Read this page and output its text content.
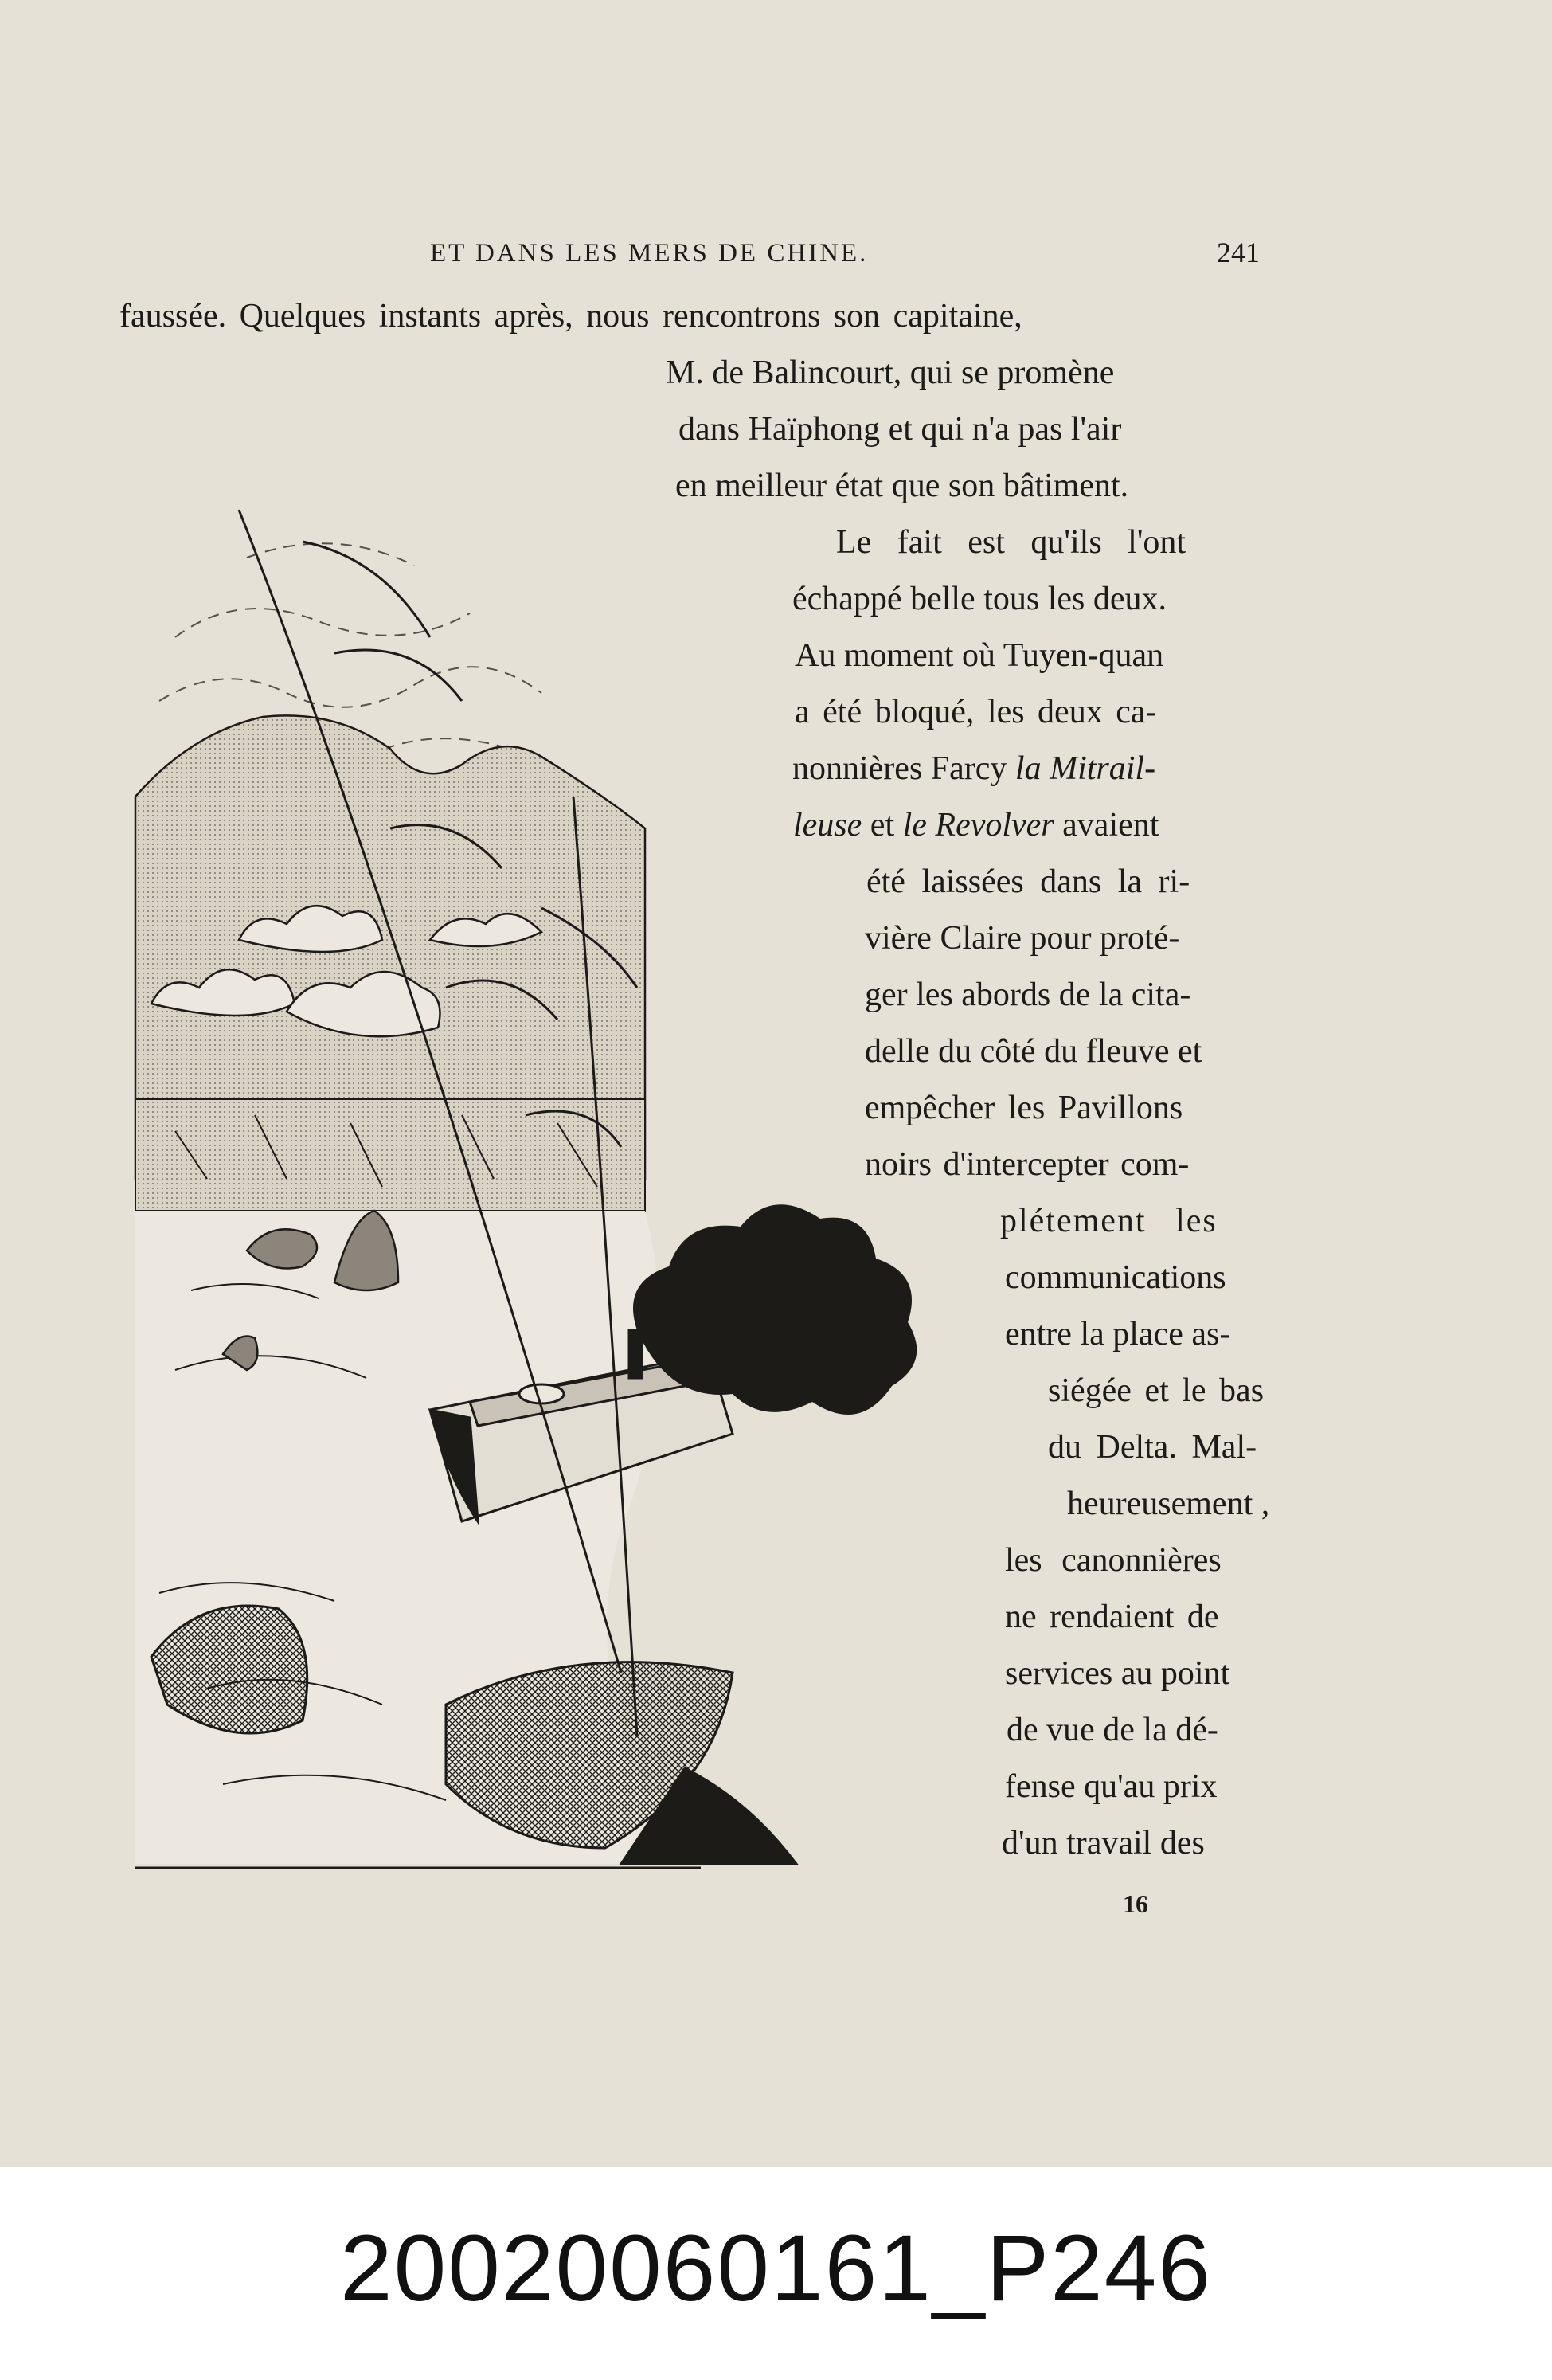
ET DANS LES MERS DE CHINE.	241
faussée. Quelques instants après, nous rencontrons son capitaine,
M. de Balincourt, qui se promène
dans Haïphong et qui n'a pas l'air
en meilleur état que son bâtiment.
Le fait est qu'ils l'ont
échappé belle tous les deux.
Au moment où Tuyen-quan
a été bloqué, les deux ca-
nonnières Farcy la Mitrail-
leuse et le Revolver avaient
été laissées dans la ri-
vière Claire pour proté-
ger les abords de la cita-
delle du côté du fleuve et
empêcher les Pavillons
noirs d'intercepter com-
plétement les
communications
entre la place as-
siégée et le bas
du Delta. Mal-
heureusement ,
les canonnières
ne rendaient de
services au point
de vue de la dé-
fense qu'au prix
d'un travail des
16
20020060161_P246
